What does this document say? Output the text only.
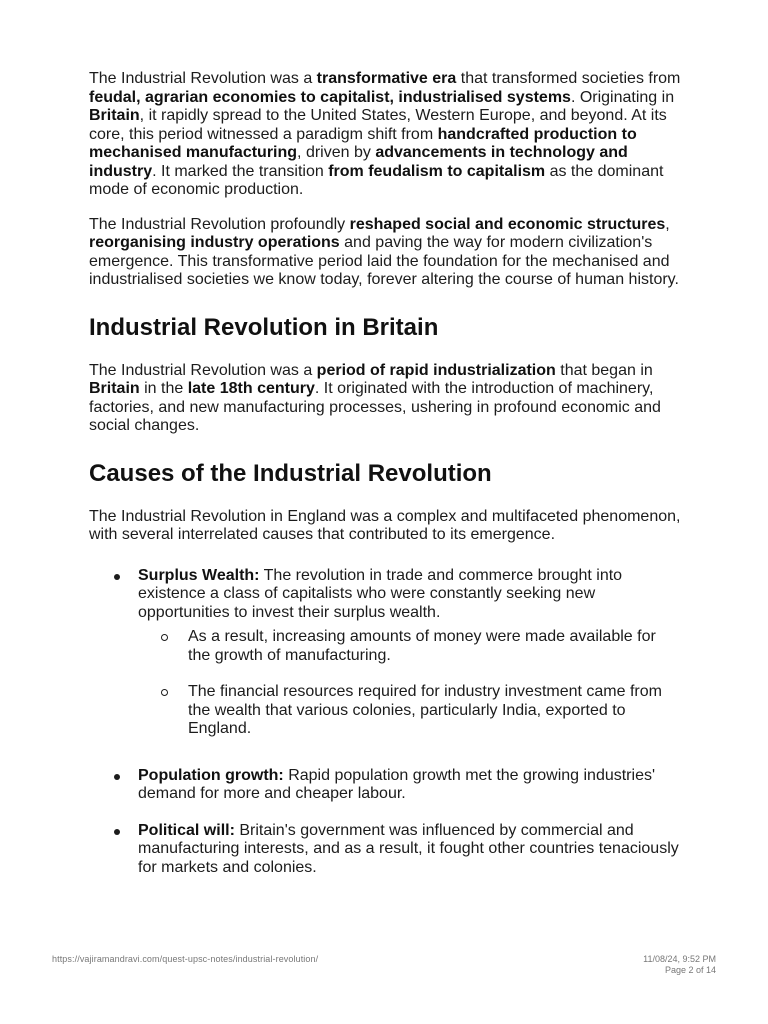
The Industrial Revolution was a transformative era that transformed societies from feudal, agrarian economies to capitalist, industrialised systems. Originating in Britain, it rapidly spread to the United States, Western Europe, and beyond. At its core, this period witnessed a paradigm shift from handcrafted production to mechanised manufacturing, driven by advancements in technology and industry. It marked the transition from feudalism to capitalism as the dominant mode of economic production.

The Industrial Revolution profoundly reshaped social and economic structures, reorganising industry operations and paving the way for modern civilization's emergence. This transformative period laid the foundation for the mechanised and industrialised societies we know today, forever altering the course of human history.

Industrial Revolution in Britain

The Industrial Revolution was a period of rapid industrialization that began in Britain in the late 18th century. It originated with the introduction of machinery, factories, and new manufacturing processes, ushering in profound economic and social changes.

Causes of the Industrial Revolution

The Industrial Revolution in England was a complex and multifaceted phenomenon, with several interrelated causes that contributed to its emergence.

Surplus Wealth: The revolution in trade and commerce brought into existence a class of capitalists who were constantly seeking new opportunities to invest their surplus wealth.
As a result, increasing amounts of money were made available for the growth of manufacturing.
The financial resources required for industry investment came from the wealth that various colonies, particularly India, exported to England.
Population growth: Rapid population growth met the growing industries' demand for more and cheaper labour.
Political will: Britain's government was influenced by commercial and manufacturing interests, and as a result, it fought other countries tenaciously for markets and colonies.
https://vajiramandravi.com/quest-upsc-notes/industrial-revolution/	11/08/24, 9:52 PM
Page 2 of 14
